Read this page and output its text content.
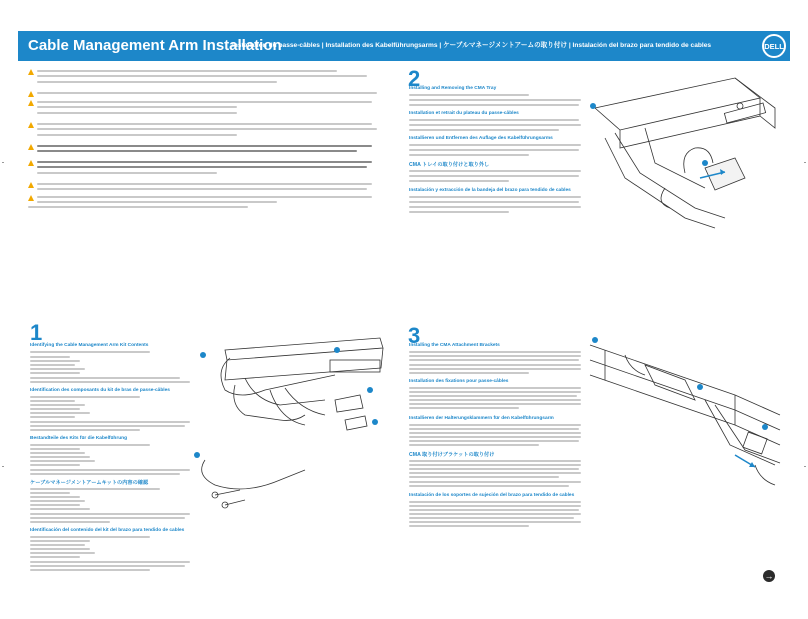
Cable Management Arm Installation
Installation du passe-câbles | Installation des Kabelführungsarms | ケーブルマネージメントアームの取り付け | Instalación del brazo para tendido de cables	DELL
2
Installing and Removing the CMA Tray
Installation et retrait du plateau du passe-câbles
Installieren und Entfernen des Auflage des Kabelführungsarms
CMA トレイの取り付けと取り外し
Instalación y extracción de la bandeja del brazo para tendido de cables
1
Identifying the Cable Management Arm Kit Contents
Identification des composants du kit de bras de passe-câbles
Bestandteile des Kits für die Kabelführung
ケーブルマネージメントアームキットの内容の確認
Identificación del contenido del kit del brazo para tendido de cables
3
Installing the CMA Attachment Brackets
Installation des fixations pour passe-câbles
Installieren der Halterungsklammern für den Kabelführungsarm
CMA 取り付けブラケットの取り付け
Instalación de los soportes de sujeción del brazo para tendido de cables
→
